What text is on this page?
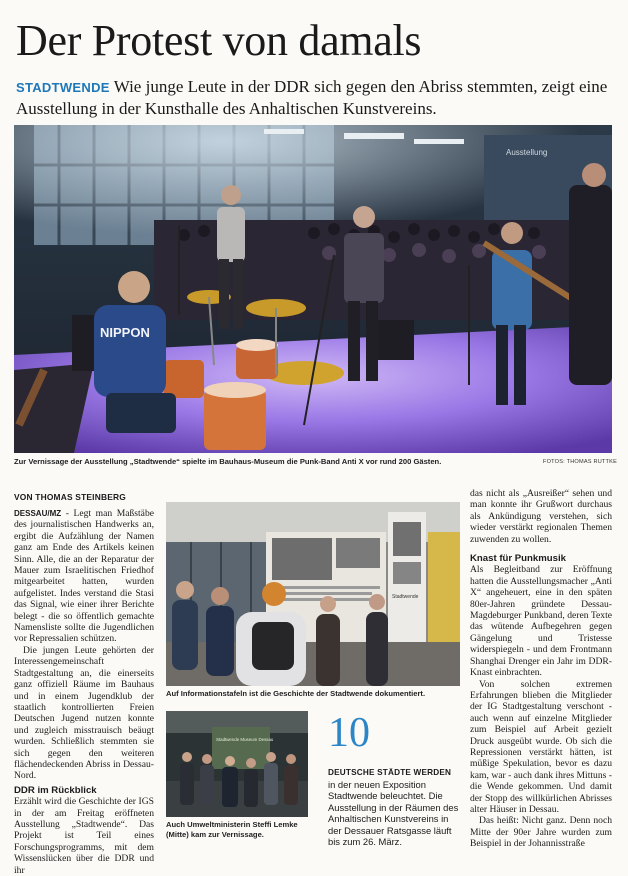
Der Protest von damals
STADTWENDE Wie junge Leute in der DDR sich gegen den Abriss stemmten, zeigt eine Ausstellung in der Kunsthalle des Anhaltischen Kunstvereins.
Ausstellung
NIPPON
Zur Vernissage der Ausstellung „Stadtwende“ spielte im Bauhaus-Museum die Punk-Band Anti X vor rund 200 Gästen.	FOTOS: THOMAS RUTTKE
VON THOMAS STEINBERG

DESSAU/MZ - Legt man Maßstäbe des journalistischen Handwerks an, ergibt die Aufzählung der Namen ganz am Ende des Artikels keinen Sinn. Alle, die an der Reparatur der Mauer zum Israelitischen Friedhof mitgearbeitet hatten, wurden aufgelistet. Indes verstand die Stasi das Signal, wie einer ihrer Berichte belegt - die so öffentlich gemachte Namensliste sollte die Jugendlichen vor Repressalien schützen.

Die jungen Leute gehörten der Interessengemeinschaft Stadtgestaltung an, die einerseits ganz offiziell Räume im Bauhaus und in einem Jugendklub der staatlich kontrollierten Freien Deutschen Jugend nutzen konnte und zugleich misstrauisch beäugt wurden. Schließlich stemmten sie sich gegen den weiteren flächendeckenden Abriss in Dessau-Nord.

DDR im Rückblick

Erzählt wird die Geschichte der IGS in der am Freitag eröffneten Ausstellung „Stadtwende“. Das Projekt ist Teil eines Forschungsprogramms, mit dem Wissenslücken über die DDR und ihr

Stadtwende
Auf Informationstafeln ist die Geschichte der Stadtwende dokumentiert.
Stadtwende Museum Dessau
Auch Umweltministerin Steffi Lemke (Mitte) kam zur Vernissage.
10
DEUTSCHE STÄDTE WERDEN
in der neuen Exposition Stadtwende beleuchtet. Die Ausstellung in der Räumen des Anhaltischen Kunstvereins in der Dessauer Ratsgasse läuft bis zum 26. März.

das nicht als „Ausreißer“ sehen und man konnte ihr Grußwort durchaus als Ankündigung verstehen, sich wieder verstärkt regionalen Themen zuwenden zu wollen.

Knast für Punkmusik

Als Begleitband zur Eröffnung hatten die Ausstellungsmacher „Anti X“ angeheuert, eine in den späten 80er-Jahren gründete Dessau-Magdeburger Punkband, deren Texte das wütende Aufbegehren gegen Gängelung und Tristesse widerspiegeln - und dem Frontmann Shanghai Drenger ein Jahr im DDR-Knast einbrachten.

Von solchen extremen Erfahrungen blieben die Mitglieder der IG Stadtgestaltung verschont - auch wenn auf einzelne Mitglieder zum Beispiel auf Arbeit gezielt Druck ausgeübt wurde. Ob sich die Repressionen verstärkt hätten, ist müßige Spekulation, bevor es dazu kam, war - auch dank ihres Mittuns - die Wende gekommen. Und damit der Stopp des willkürlichen Abrisses alter Häuser in Dessau.

Das heißt: Nicht ganz. Denn noch Mitte der 90er Jahre wurden zum Beispiel in der Johannisstraße
